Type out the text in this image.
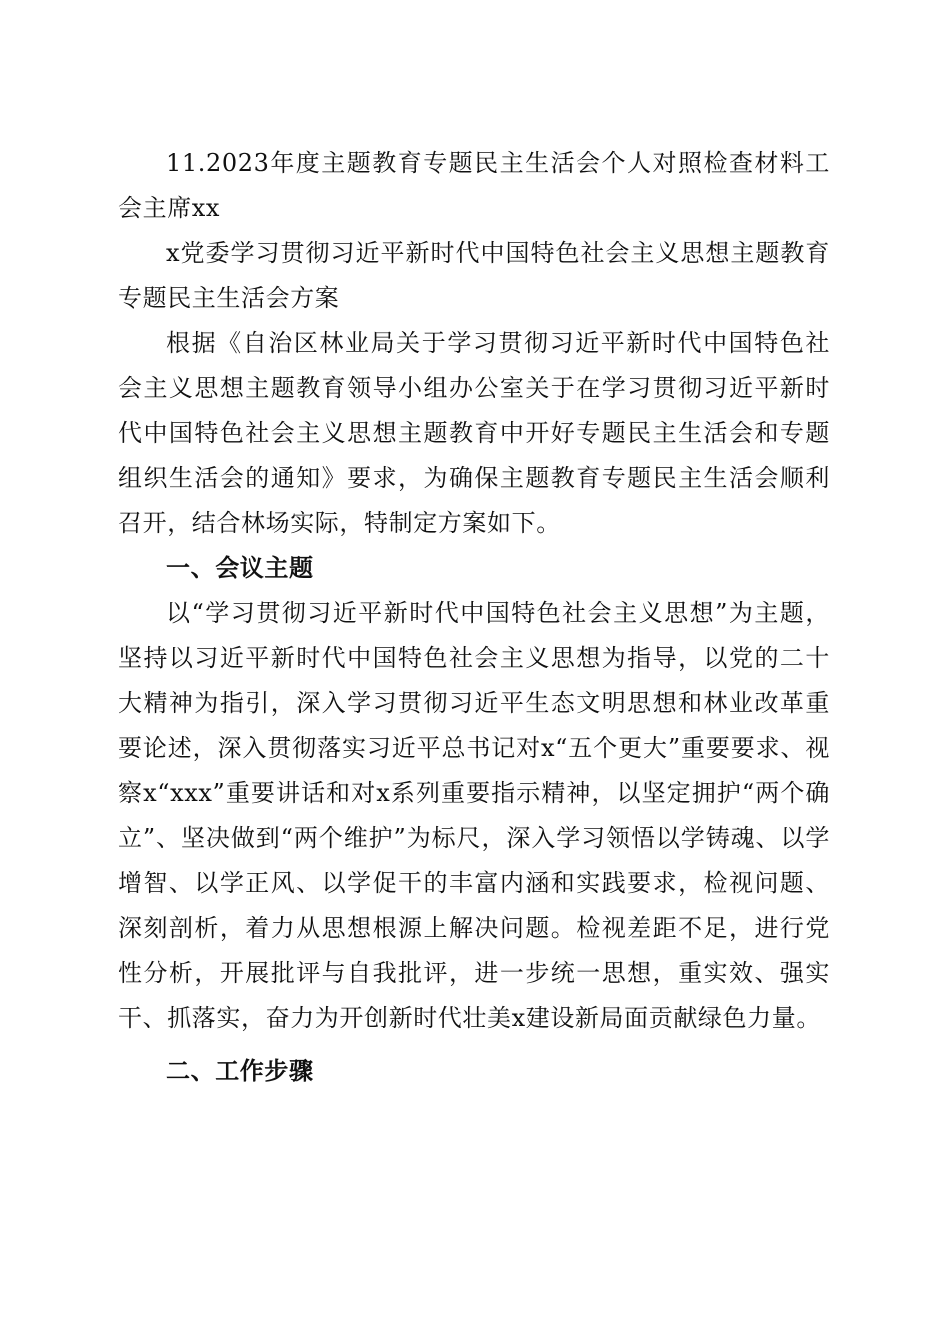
11.2023年度主题教育专题民主生活会个人对照检查材料工会主席xx

x党委学习贯彻习近平新时代中国特色社会主义思想主题教育专题民主生活会方案

根据《自治区林业局关于学习贯彻习近平新时代中国特色社会主义思想主题教育领导小组办公室关于在学习贯彻习近平新时代中国特色社会主义思想主题教育中开好专题民主生活会和专题组织生活会的通知》要求，为确保主题教育专题民主生活会顺利召开，结合林场实际，特制定方案如下。

一、会议主题

以“学习贯彻习近平新时代中国特色社会主义思想”为主题，坚持以习近平新时代中国特色社会主义思想为指导，以党的二十大精神为指引，深入学习贯彻习近平生态文明思想和林业改革重要论述，深入贯彻落实习近平总书记对x“五个更大”重要要求、视察x“xxx”重要讲话和对x系列重要指示精神，以坚定拥护“两个确立”、坚决做到“两个维护”为标尺，深入学习领悟以学铸魂、以学增智、以学正风、以学促干的丰富内涵和实践要求，检视问题、深刻剖析，着力从思想根源上解决问题。检视差距不足，进行党性分析，开展批评与自我批评，进一步统一思想，重实效、强实干、抓落实，奋力为开创新时代壮美x建设新局面贡献绿色力量。

二、工作步骤
